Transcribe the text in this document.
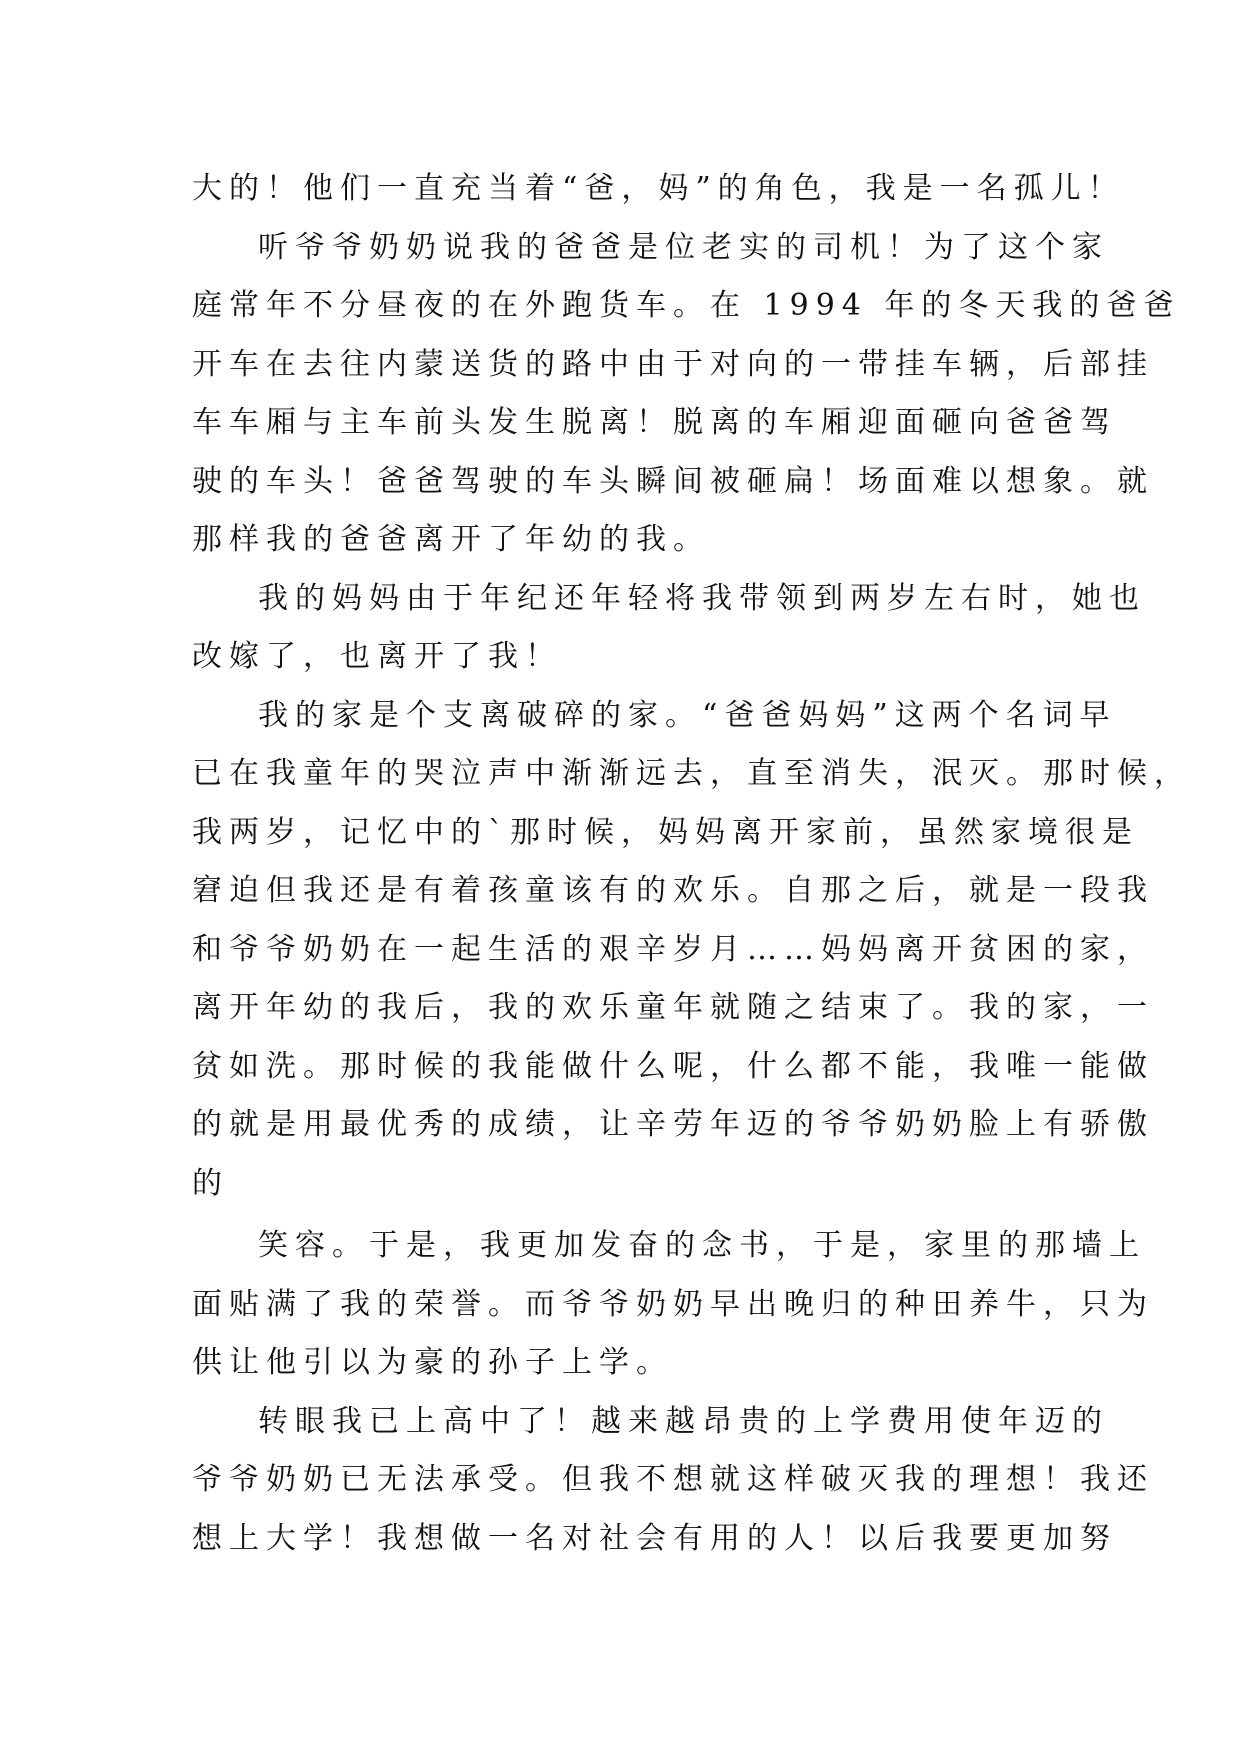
大的！他们一直充当着“爸，妈”的角色，我是一名孤儿！
听爷爷奶奶说我的爸爸是位老实的司机！为了这个家
庭常年不分昼夜的在外跑货车。在 1994 年的冬天我的爸爸
开车在去往内蒙送货的路中由于对向的一带挂车辆，后部挂
车车厢与主车前头发生脱离！脱离的车厢迎面砸向爸爸驾
驶的车头！爸爸驾驶的车头瞬间被砸扁！场面难以想象。就
那样我的爸爸离开了年幼的我。
我的妈妈由于年纪还年轻将我带领到两岁左右时，她也
改嫁了，也离开了我！
我的家是个支离破碎的家。“爸爸妈妈”这两个名词早
已在我童年的哭泣声中渐渐远去，直至消失，泯灭。那时候，
我两岁，记忆中的`那时候，妈妈离开家前，虽然家境很是
窘迫但我还是有着孩童该有的欢乐。自那之后，就是一段我
和爷爷奶奶在一起生活的艰辛岁月……妈妈离开贫困的家，
离开年幼的我后，我的欢乐童年就随之结束了。我的家，一
贫如洗。那时候的我能做什么呢，什么都不能，我唯一能做
的就是用最优秀的成绩，让辛劳年迈的爷爷奶奶脸上有骄傲
的
笑容。于是，我更加发奋的念书，于是，家里的那墙上
面贴满了我的荣誉。而爷爷奶奶早出晚归的种田养牛，只为
供让他引以为豪的孙子上学。
转眼我已上高中了！越来越昂贵的上学费用使年迈的
爷爷奶奶已无法承受。但我不想就这样破灭我的理想！我还
想上大学！我想做一名对社会有用的人！以后我要更加努
